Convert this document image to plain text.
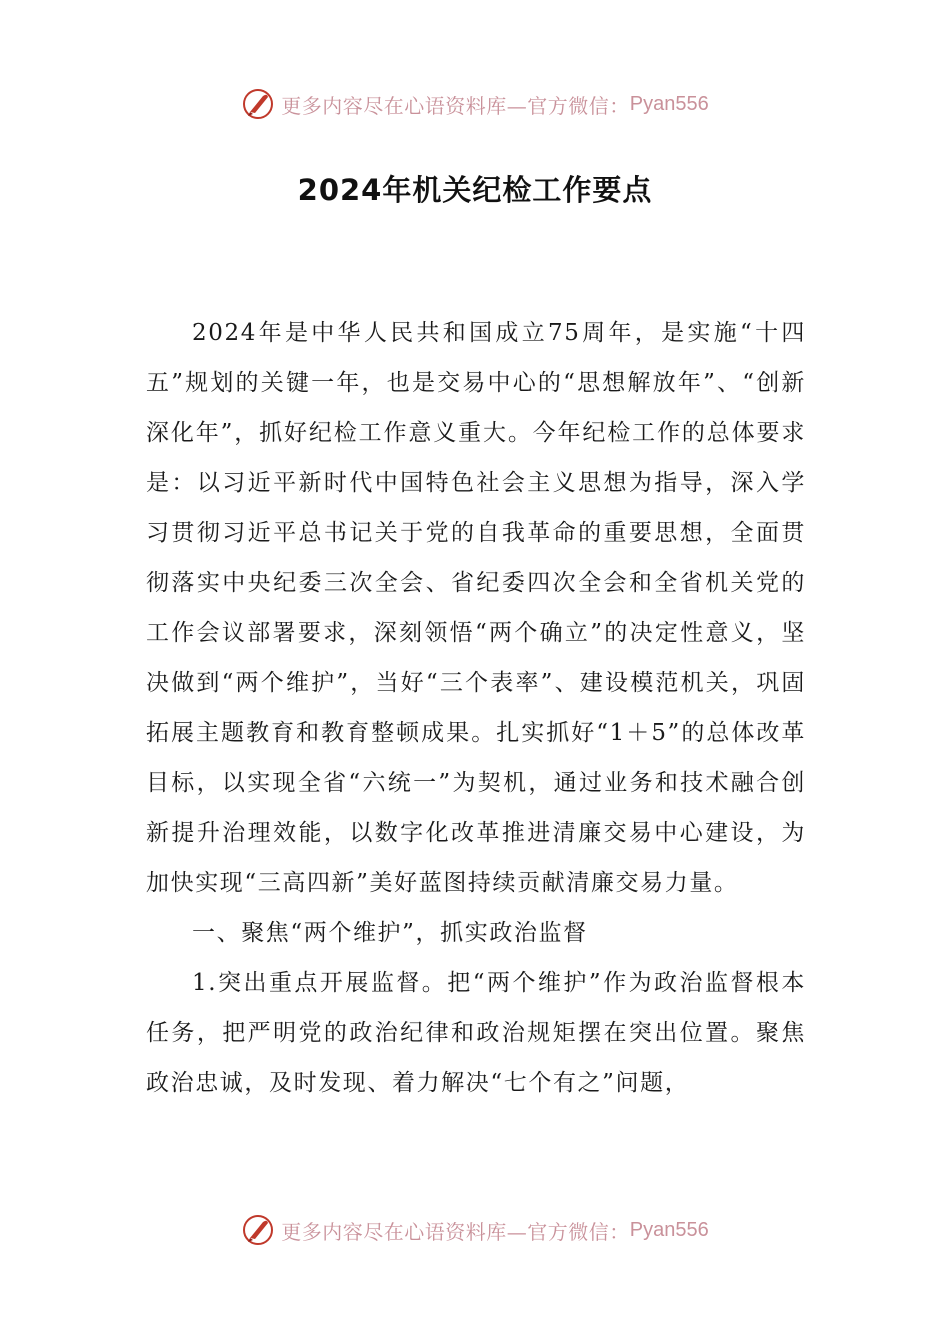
更多内容尽在心语资料库—官方微信： Pyan556
2024年机关纪检工作要点

2024年是中华人民共和国成立75周年，是实施“十四五”规划的关键一年，也是交易中心的“思想解放年”、“创新深化年”，抓好纪检工作意义重大。今年纪检工作的总体要求是：以习近平新时代中国特色社会主义思想为指导，深入学习贯彻习近平总书记关于党的自我革命的重要思想，全面贯彻落实中央纪委三次全会、省纪委四次全会和全省机关党的工作会议部署要求，深刻领悟“两个确立”的决定性意义，坚决做到“两个维护”，当好“三个表率”、建设模范机关，巩固拓展主题教育和教育整顿成果。扎实抓好“1＋5”的总体改革目标，以实现全省“六统一”为契机，通过业务和技术融合创新提升治理效能，以数字化改革推进清廉交易中心建设，为加快实现“三高四新”美好蓝图持续贡献清廉交易力量。

一、聚焦“两个维护”，抓实政治监督

1.突出重点开展监督。把“两个维护”作为政治监督根本任务，把严明党的政治纪律和政治规矩摆在突出位置。聚焦政治忠诚，及时发现、着力解决“七个有之”问题，

更多内容尽在心语资料库—官方微信： Pyan556
